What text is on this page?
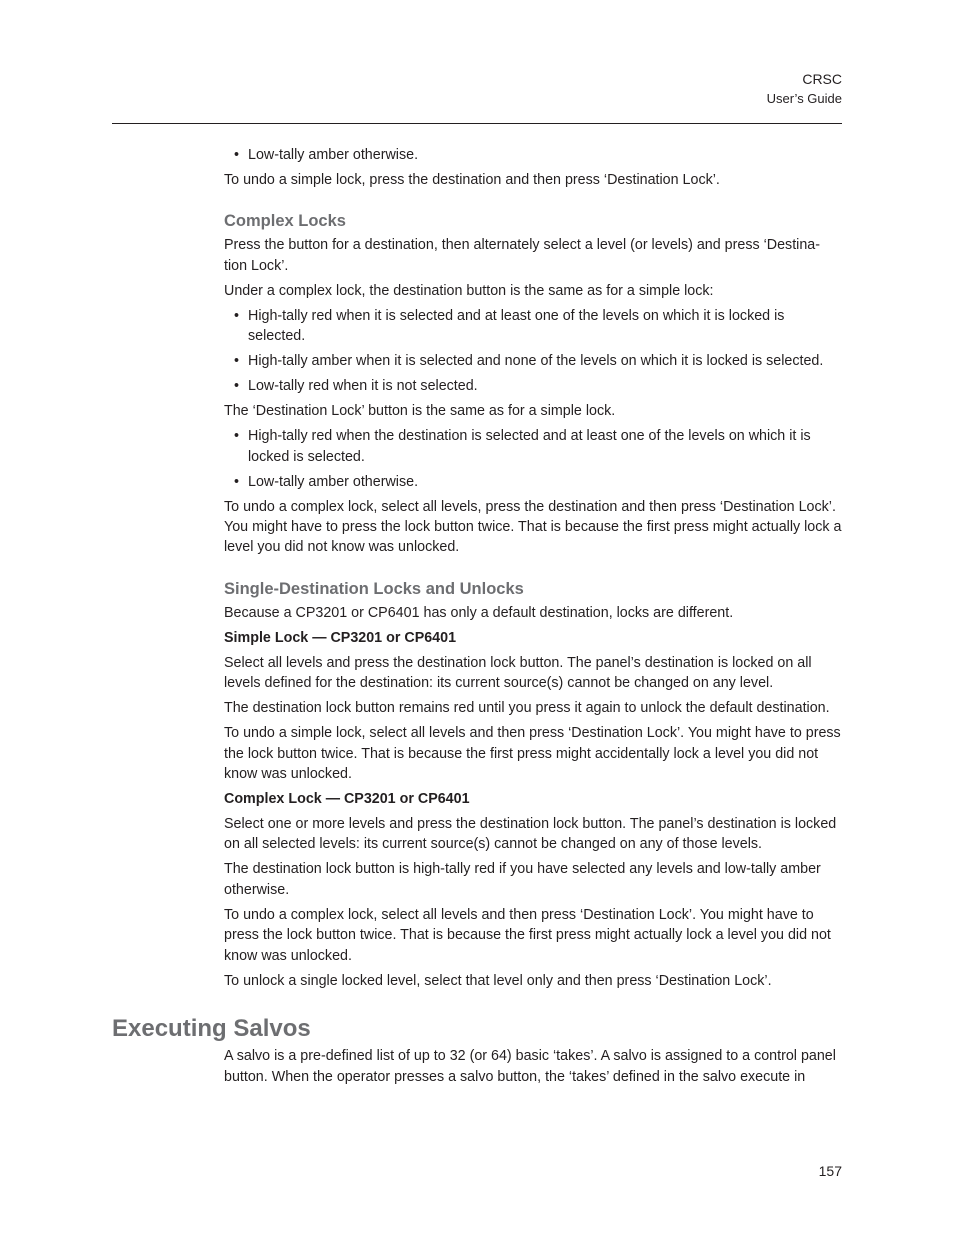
CRSC
User’s Guide
• Low-tally amber otherwise.

To undo a simple lock, press the destination and then press ‘Destination Lock’.

Complex Locks

Press the button for a destination, then alternately select a level (or levels) and press ‘Destina-tion Lock’.

Under a complex lock, the destination button is the same as for a simple lock:

• High-tally red when it is selected and at least one of the levels on which it is locked is selected.
• High-tally amber when it is selected and none of the levels on which it is locked is selected.
• Low-tally red when it is not selected.

The ‘Destination Lock’ button is the same as for a simple lock.

• High-tally red when the destination is selected and at least one of the levels on which it is locked is selected.
• Low-tally amber otherwise.

To undo a complex lock, select all levels, press the destination and then press ‘Destination Lock’. You might have to press the lock button twice. That is because the first press might actually lock a level you did not know was unlocked.

Single-Destination Locks and Unlocks

Because a CP3201 or CP6401 has only a default destination, locks are different.

Simple Lock — CP3201 or CP6401

Select all levels and press the destination lock button. The panel’s destination is locked on all levels defined for the destination: its current source(s) cannot be changed on any level.

The destination lock button remains red until you press it again to unlock the default destination.

To undo a simple lock, select all levels and then press ‘Destination Lock’. You might have to press the lock button twice. That is because the first press might accidentally lock a level you did not know was unlocked.

Complex Lock — CP3201 or CP6401

Select one or more levels and press the destination lock button. The panel’s destination is locked on all selected levels: its current source(s) cannot be changed on any of those levels.

The destination lock button is high-tally red if you have selected any levels and low-tally amber otherwise.

To undo a complex lock, select all levels and then press ‘Destination Lock’. You might have to press the lock button twice. That is because the first press might actually lock a level you did not know was unlocked.

To unlock a single locked level, select that level only and then press ‘Destination Lock’.

Executing Salvos

A salvo is a pre-defined list of up to 32 (or 64) basic ‘takes’. A salvo is assigned to a control panel button. When the operator presses a salvo button, the ‘takes’ defined in the salvo execute in

157
